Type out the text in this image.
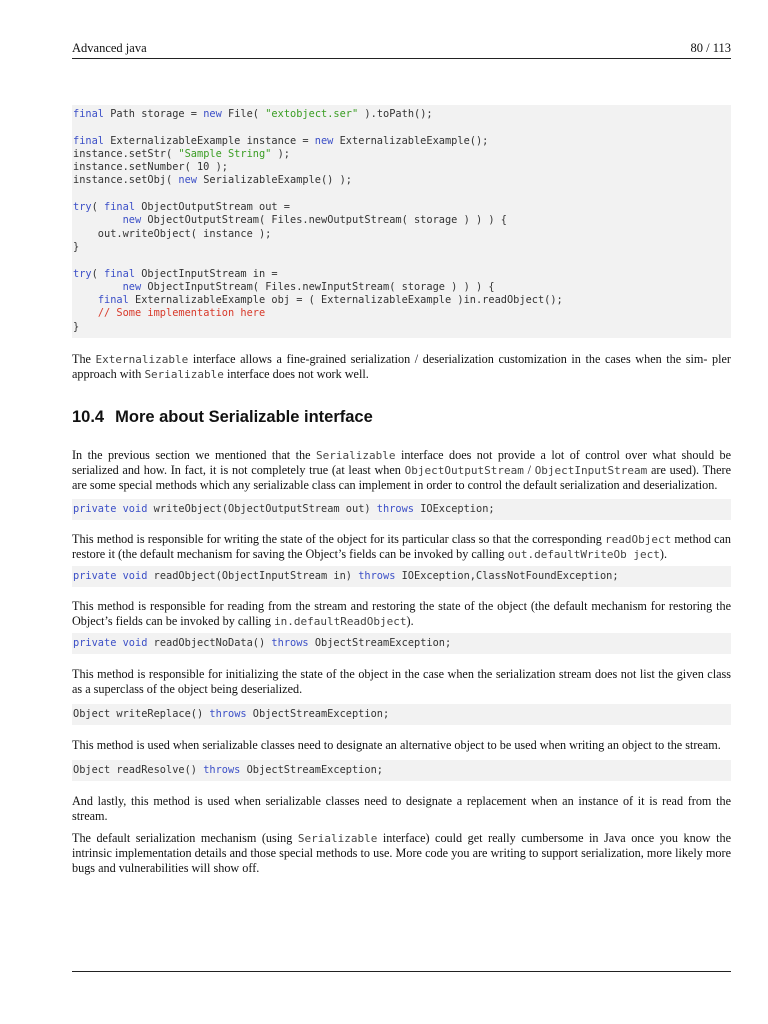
Advanced java	80 / 113
final Path storage = new File( "extobject.ser" ).toPath();
final ExternalizableExample instance = new ExternalizableExample();
instance.setStr( "Sample String" );
instance.setNumber( 10 );
instance.setObj( new SerializableExample() );
try( final ObjectOutputStream out =
new ObjectOutputStream( Files.newOutputStream( storage ) ) ) {
out.writeObject( instance );
}
try( final ObjectInputStream in =
new ObjectInputStream( Files.newInputStream( storage ) ) ) {
final ExternalizableExample obj = ( ExternalizableExample )in.readObject();
// Some implementation here
}

The Externalizable interface allows a fine-grained serialization / deserialization customization in the cases when the sim- pler approach with Serializable interface does not work well.

10.4 More about Serializable interface

In the previous section we mentioned that the Serializable interface does not provide a lot of control over what should be serialized and how. In fact, it is not completely true (at least when ObjectOutputStream / ObjectInputStream are used). There are some special methods which any serializable class can implement in order to control the default serialization and deserialization.

private void writeObject(ObjectOutputStream out) throws IOException;

This method is responsible for writing the state of the object for its particular class so that the corresponding readObject method can restore it (the default mechanism for saving the Object’s fields can be invoked by calling out.defaultWriteOb ject).

private void readObject(ObjectInputStream in) throws IOException,ClassNotFoundException;

This method is responsible for reading from the stream and restoring the state of the object (the default mechanism for restoring the Object’s fields can be invoked by calling in.defaultReadObject).

private void readObjectNoData() throws ObjectStreamException;

This method is responsible for initializing the state of the object in the case when the serialization stream does not list the given class as a superclass of the object being deserialized.

Object writeReplace() throws ObjectStreamException;

This method is used when serializable classes need to designate an alternative object to be used when writing an object to the stream.

Object readResolve() throws ObjectStreamException;

And lastly, this method is used when serializable classes need to designate a replacement when an instance of it is read from the stream.

The default serialization mechanism (using Serializable interface) could get really cumbersome in Java once you know the intrinsic implementation details and those special methods to use. More code you are writing to support serialization, more likely more bugs and vulnerabilities will show off.
